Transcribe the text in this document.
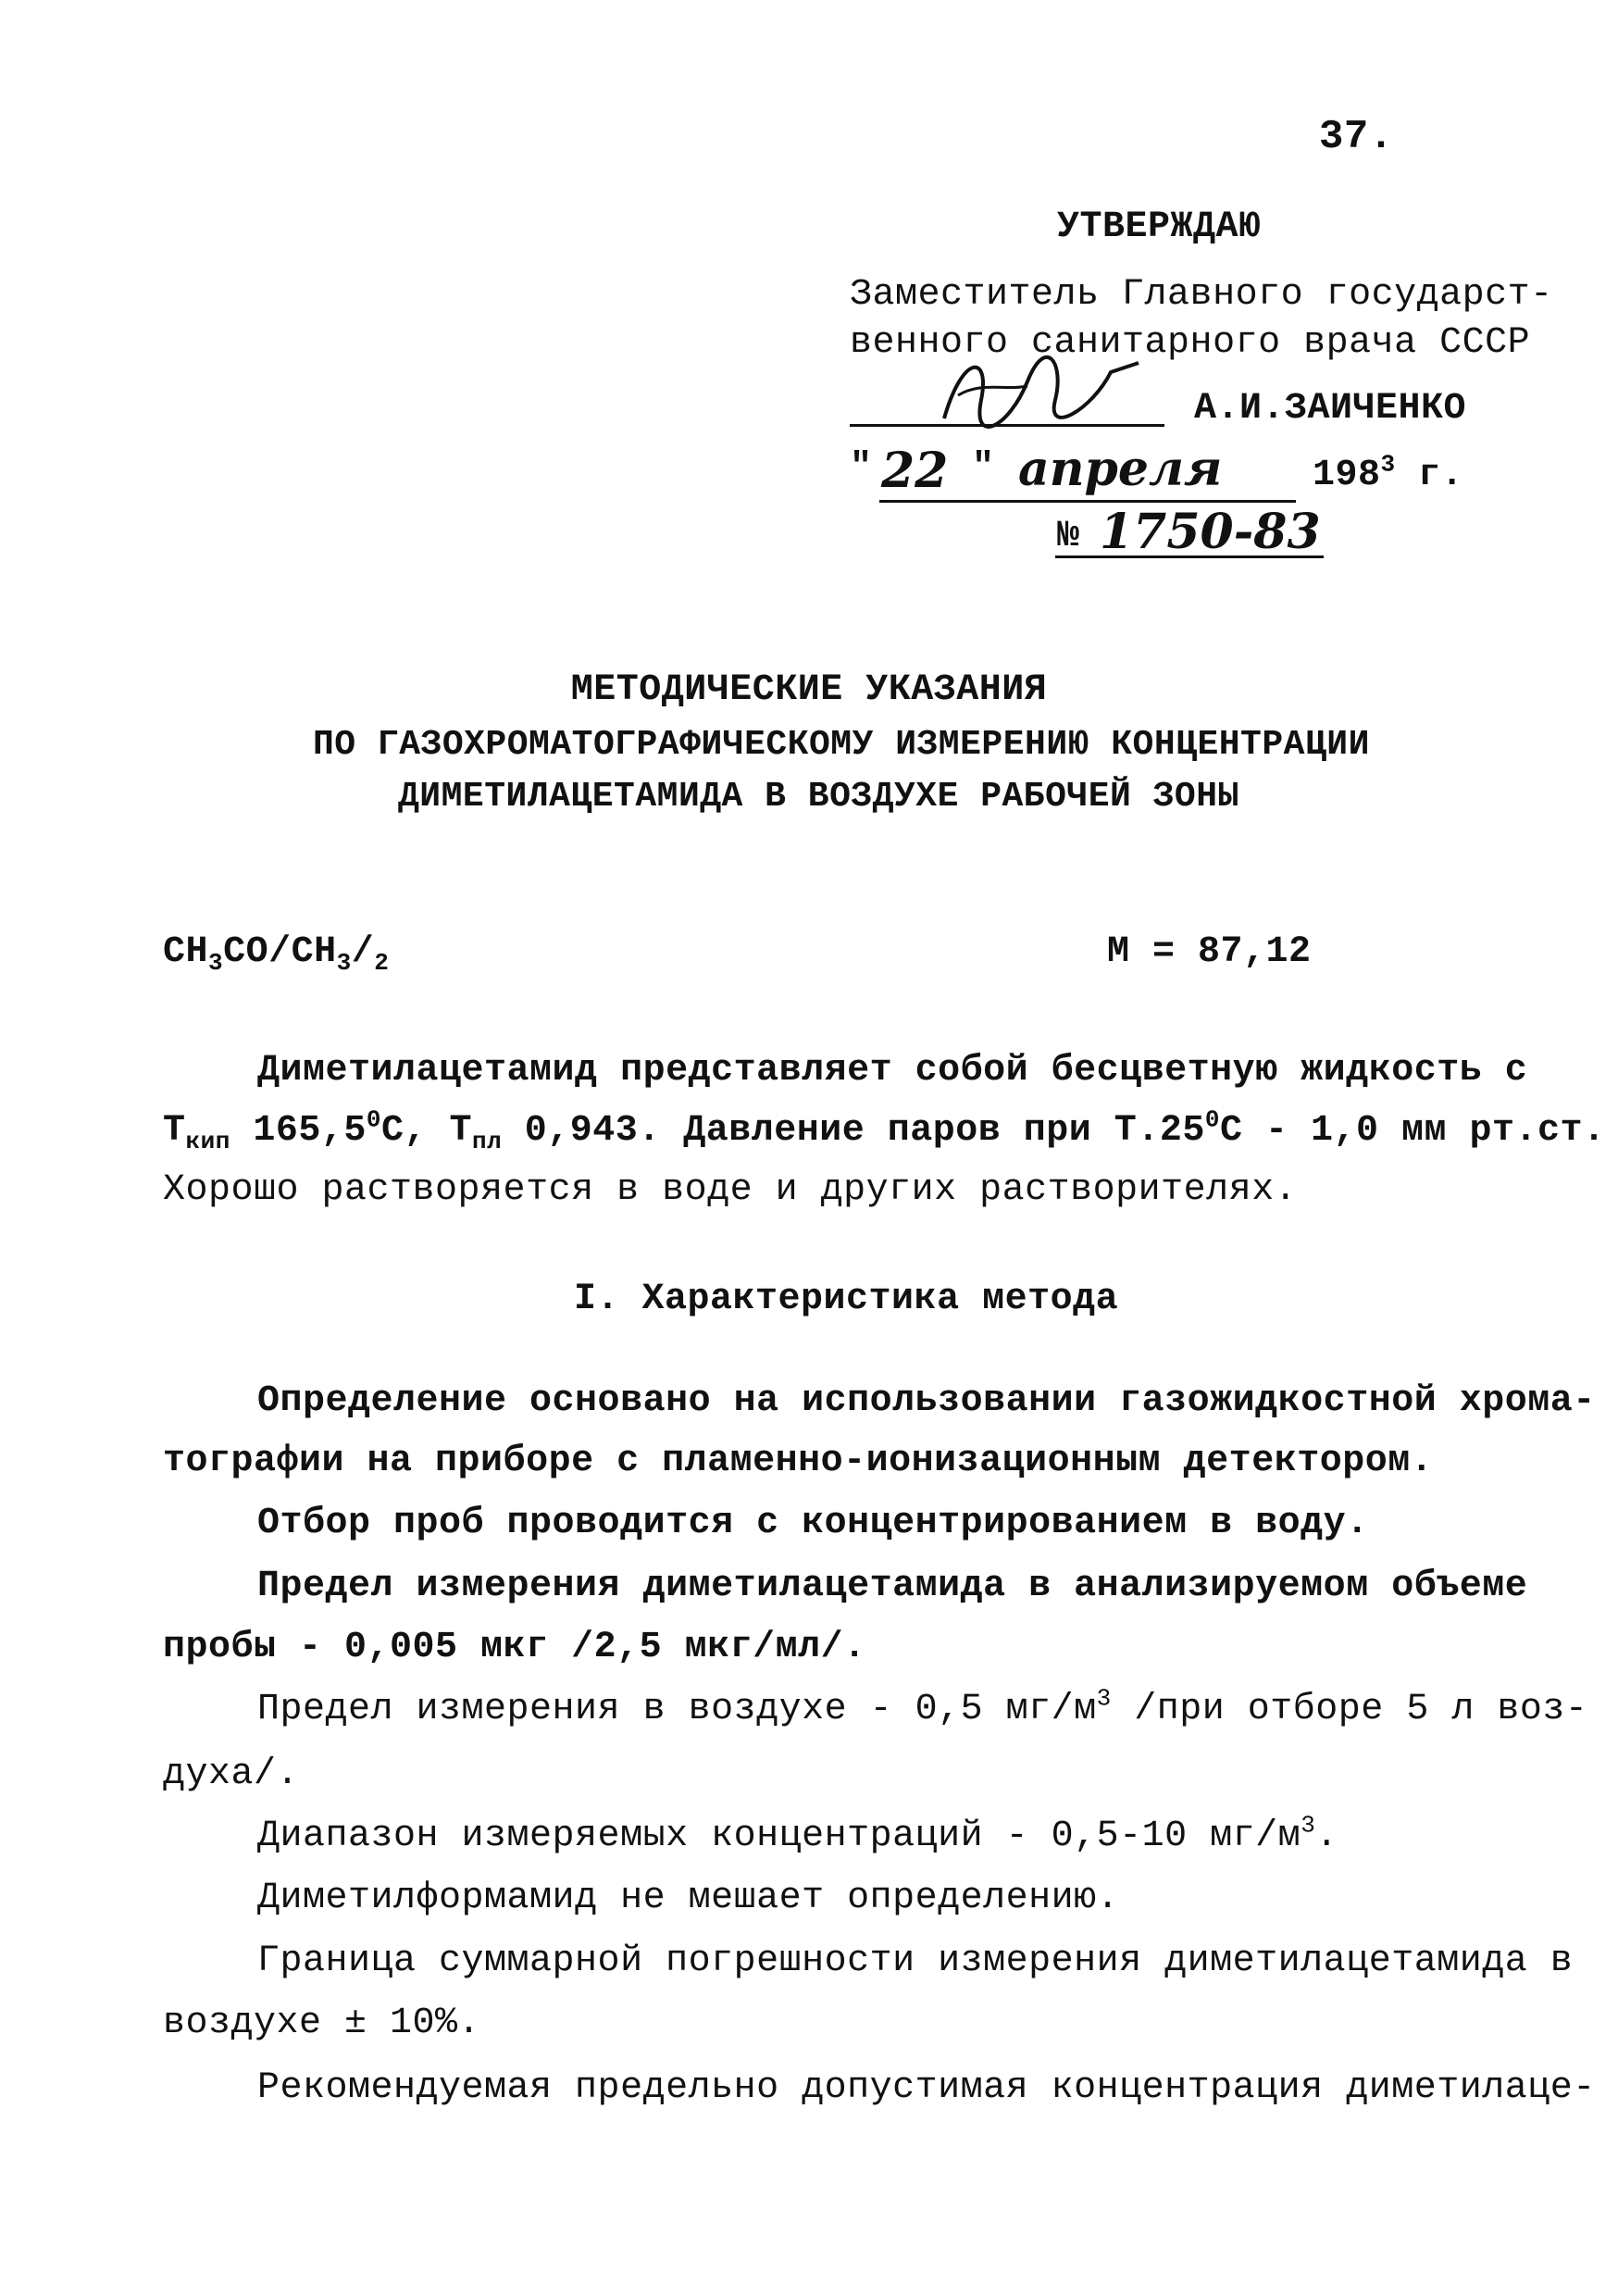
37.
УТВЕРЖДАЮ
Заместитель Главного государст-
венного санитарного врача СССР
А.И.ЗАИЧЕНКО
" 22 " апреля $198^3$ г.
№ 1750-83
МЕТОДИЧЕСКИЕ УКАЗАНИЯ
ПО ГАЗОХРОМАТОГРАФИЧЕСКОМУ ИЗМЕРЕНИЮ КОНЦЕНТРАЦИИ
ДИМЕТИЛАЦЕТАМИДА В ВОЗДУХЕ РАБОЧЕЙ ЗОНЫ
$CH_3CO/CH_3/_2$	M = 87,12
Диметилацетамид представляет собой бесцветную жидкость с
$T_{кип}$ 165,5$^0$C, $T_{пл}$ 0,943. Давление паров при $Т.25^0C - 1,0$ мм рт.ст.
Хорошо растворяется в воде и других растворителях.
I. Характеристика метода
Определение основано на использовании газожидкостной хрома-
тографии на приборе с пламенно-ионизационным детектором.
Отбор проб проводится с концентрированием в воду.
Предел измерения диметилацетамида в анализируемом объеме
пробы - 0,005 мкг /2,5 мкг/мл/.
Предел измерения в воздухе - 0,5 $мг/м^3$ /при отборе 5 л воз-
духа/.
Диапазон измеряемых концентраций - 0,5-10 $мг/м^3$.
Диметилформамид не мешает определению.
Граница суммарной погрешности измерения диметилацетамида в
воздухе ± 10%.
Рекомендуемая предельно допустимая концентрация диметилаце-
